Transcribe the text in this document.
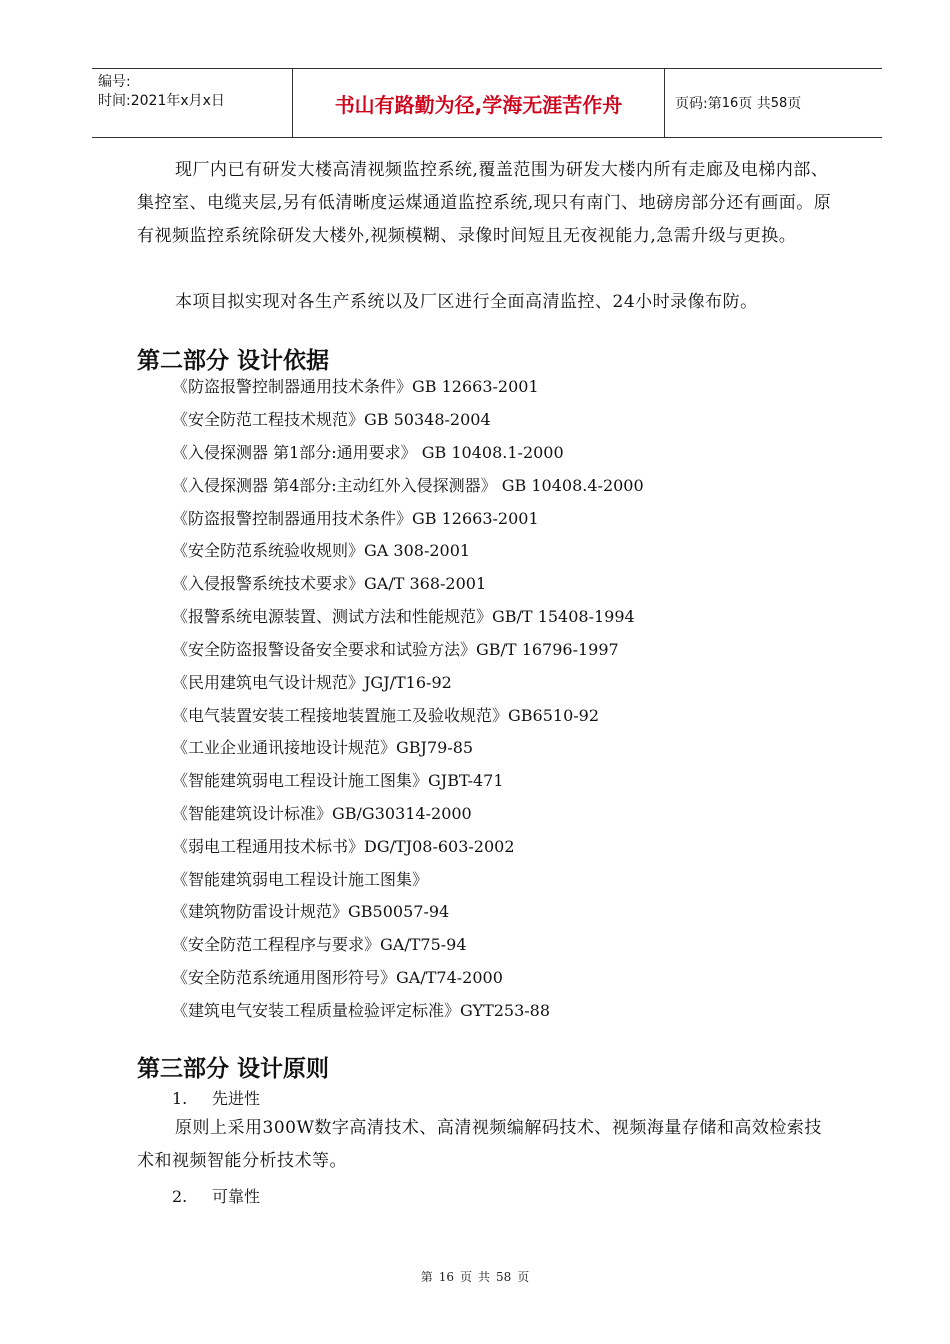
编号:
时间:2021年x月x日	书山有路勤为径,学海无涯苦作舟	页码:第 16 页 共 58 页
现厂内已有研发大楼高清视频监控系统,覆盖范围为研发大楼内所有走廊及电梯内部、集控室、电缆夹层,另有低清晰度运煤通道监控系统,现只有南门、地磅房部分还有画面。原有视频监控系统除研发大楼外,视频模糊、录像时间短且无夜视能力,急需升级与更换。
本项目拟实现对各生产系统以及厂区进行全面高清监控、24小时录像布防。
第二部分 设计依据
《防盗报警控制器通用技术条件》GB 12663-2001
《安全防范工程技术规范》GB 50348-2004
《入侵探测器 第1部分:通用要求》 GB 10408.1-2000
《入侵探测器 第4部分:主动红外入侵探测器》 GB 10408.4-2000
《防盗报警控制器通用技术条件》GB 12663-2001
《安全防范系统验收规则》GA 308-2001
《入侵报警系统技术要求》GA/T 368-2001
《报警系统电源装置、测试方法和性能规范》GB/T 15408-1994
《安全防盗报警设备安全要求和试验方法》GB/T 16796-1997
《民用建筑电气设计规范》JGJ/T16-92
《电气装置安装工程接地装置施工及验收规范》GB6510-92
《工业企业通讯接地设计规范》GBJ79-85
《智能建筑弱电工程设计施工图集》GJBT-471
《智能建筑设计标准》GB/G30314-2000
《弱电工程通用技术标书》DG/TJ08-603-2002
《智能建筑弱电工程设计施工图集》
《建筑物防雷设计规范》GB50057-94
《安全防范工程程序与要求》GA/T75-94
《安全防范系统通用图形符号》GA/T74-2000
《建筑电气安装工程质量检验评定标准》GYT253-88
第三部分 设计原则
1. 先进性
原则上采用300W数字高清技术、高清视频编解码技术、视频海量存储和高效检索技术和视频智能分析技术等。
2. 可靠性
第 16 页 共 58 页
